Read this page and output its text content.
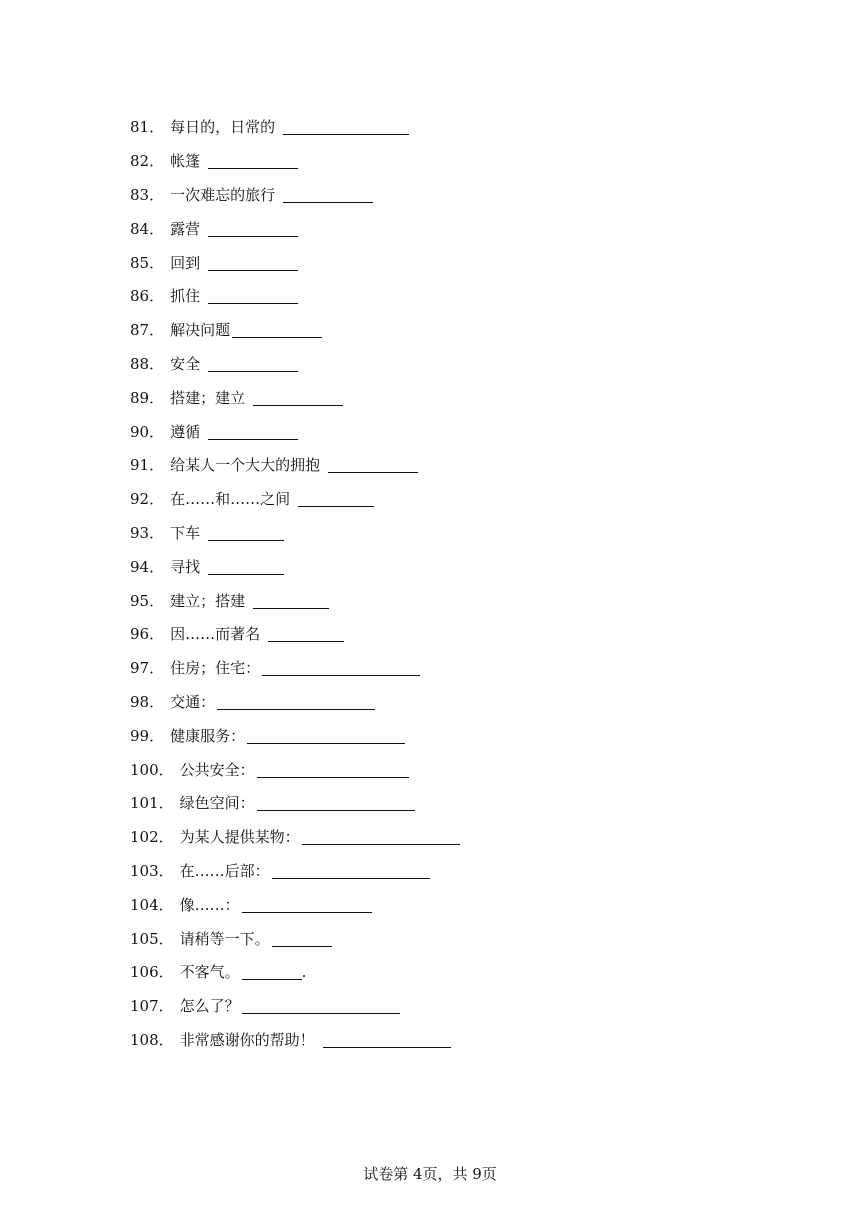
81． 每日的，日常的
82． 帐篷
83． 一次难忘的旅行
84． 露营
85． 回到
86． 抓住
87． 解决问题
88． 安全
89． 搭建；建立
90． 遵循
91． 给某人一个大大的拥抱
92． 在……和……之间
93． 下车
94． 寻找
95． 建立；搭建
96． 因……而著名
97． 住房；住宅：
98． 交通：
99． 健康服务：
100． 公共安全：
101． 绿色空间：
102． 为某人提供某物：
103． 在……后部：
104． 像……：
105． 请稍等一下。
106． 不客气。	.
107． 怎么了？
108． 非常感谢你的帮助！
试卷第 4页，共 9页
